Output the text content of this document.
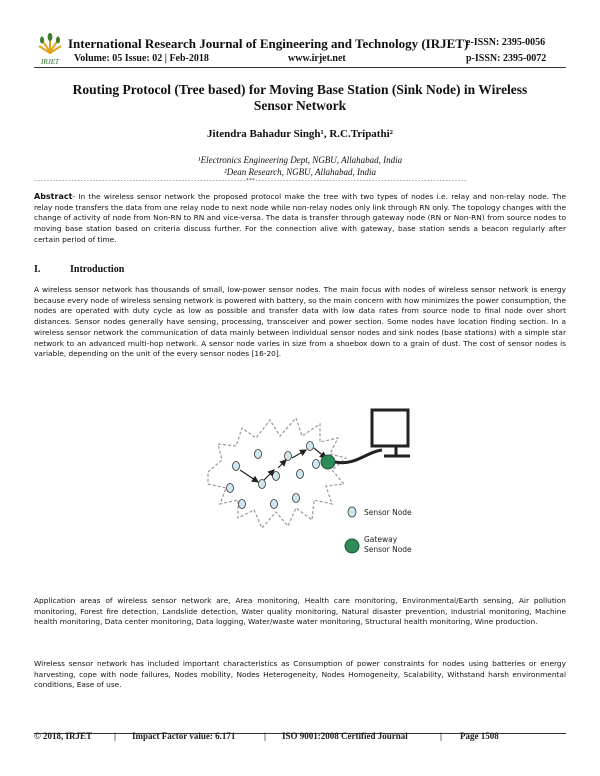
IRJET
International Research Journal of Engineering and Technology (IRJET)
e-ISSN: 2395-0056
Volume: 05 Issue: 02 | Feb-2018	www.irjet.net	p-ISSN: 2395-0072
Routing Protocol (Tree based) for Moving Base Station (Sink Node) in Wireless
Sensor Network
Jitendra Bahadur Singh¹, R.C.Tripathi²
¹Electronics Engineering Dept, NGBU, Allahabad, India
²Dean Research, NGBU, Allahabad, India
---------------------------------------------------------------------***---------------------------------------------------------------------
Abstract- In the wireless sensor network the proposed protocol make the tree with two types of nodes i.e. relay and non-relay node. The relay node transfers the data from one relay node to next node while non-relay nodes only link through RN only. The topology changes with the change of activity of node from Non-RN to RN and vice-versa. The data is transfer through gateway node (RN or Non-RN) from source nodes to moving base station based on criteria discuss further. For the connection alive with gateway, base station sends a beacon regularly after certain period of time.
I.	Introduction
A wireless sensor network has thousands of small, low-power sensor nodes. The main focus with nodes of wireless sensor network is energy because every node of wireless sensing network is powered with battery, so the main concern with how minimizes the power consumption, the nodes are operated with duty cycle as low as possible and transfer data with low data rates from source node to final node over short distances. Sensor nodes generally have sensing, processing, transceiver and power section. Some nodes have location finding section. In a wireless sensor network the communication of data mainly between individual sensor nodes and sink nodes (base stations) with a simple star network to an advanced multi-hop network. A sensor node varies in size from a shoebox down to a grain of dust. The cost of sensor nodes is variable, depending on the unit of the every sensor nodes [16-20].
Sensor Node
Gateway
Sensor Node
Application areas of wireless sensor network are, Area monitoring, Health care monitoring, Environmental/Earth sensing, Air pollution monitoring, Forest fire detection, Landslide detection, Water quality monitoring, Natural disaster prevention, Industrial monitoring, Machine health monitoring, Data center monitoring, Data logging, Water/waste water monitoring, Structural health monitoring, Wine production.
Wireless sensor network has included important characteristics as Consumption of power constraints for nodes using batteries or energy harvesting, cope with node failures, Nodes mobility, Nodes Heterogeneity, Nodes Homogeneity, Scalability, Withstand harsh environmental conditions, Ease of use.
© 2018, IRJET | Impact Factor value: 6.171	| ISO 9001:2008 Certified Journal	| Page 1508
